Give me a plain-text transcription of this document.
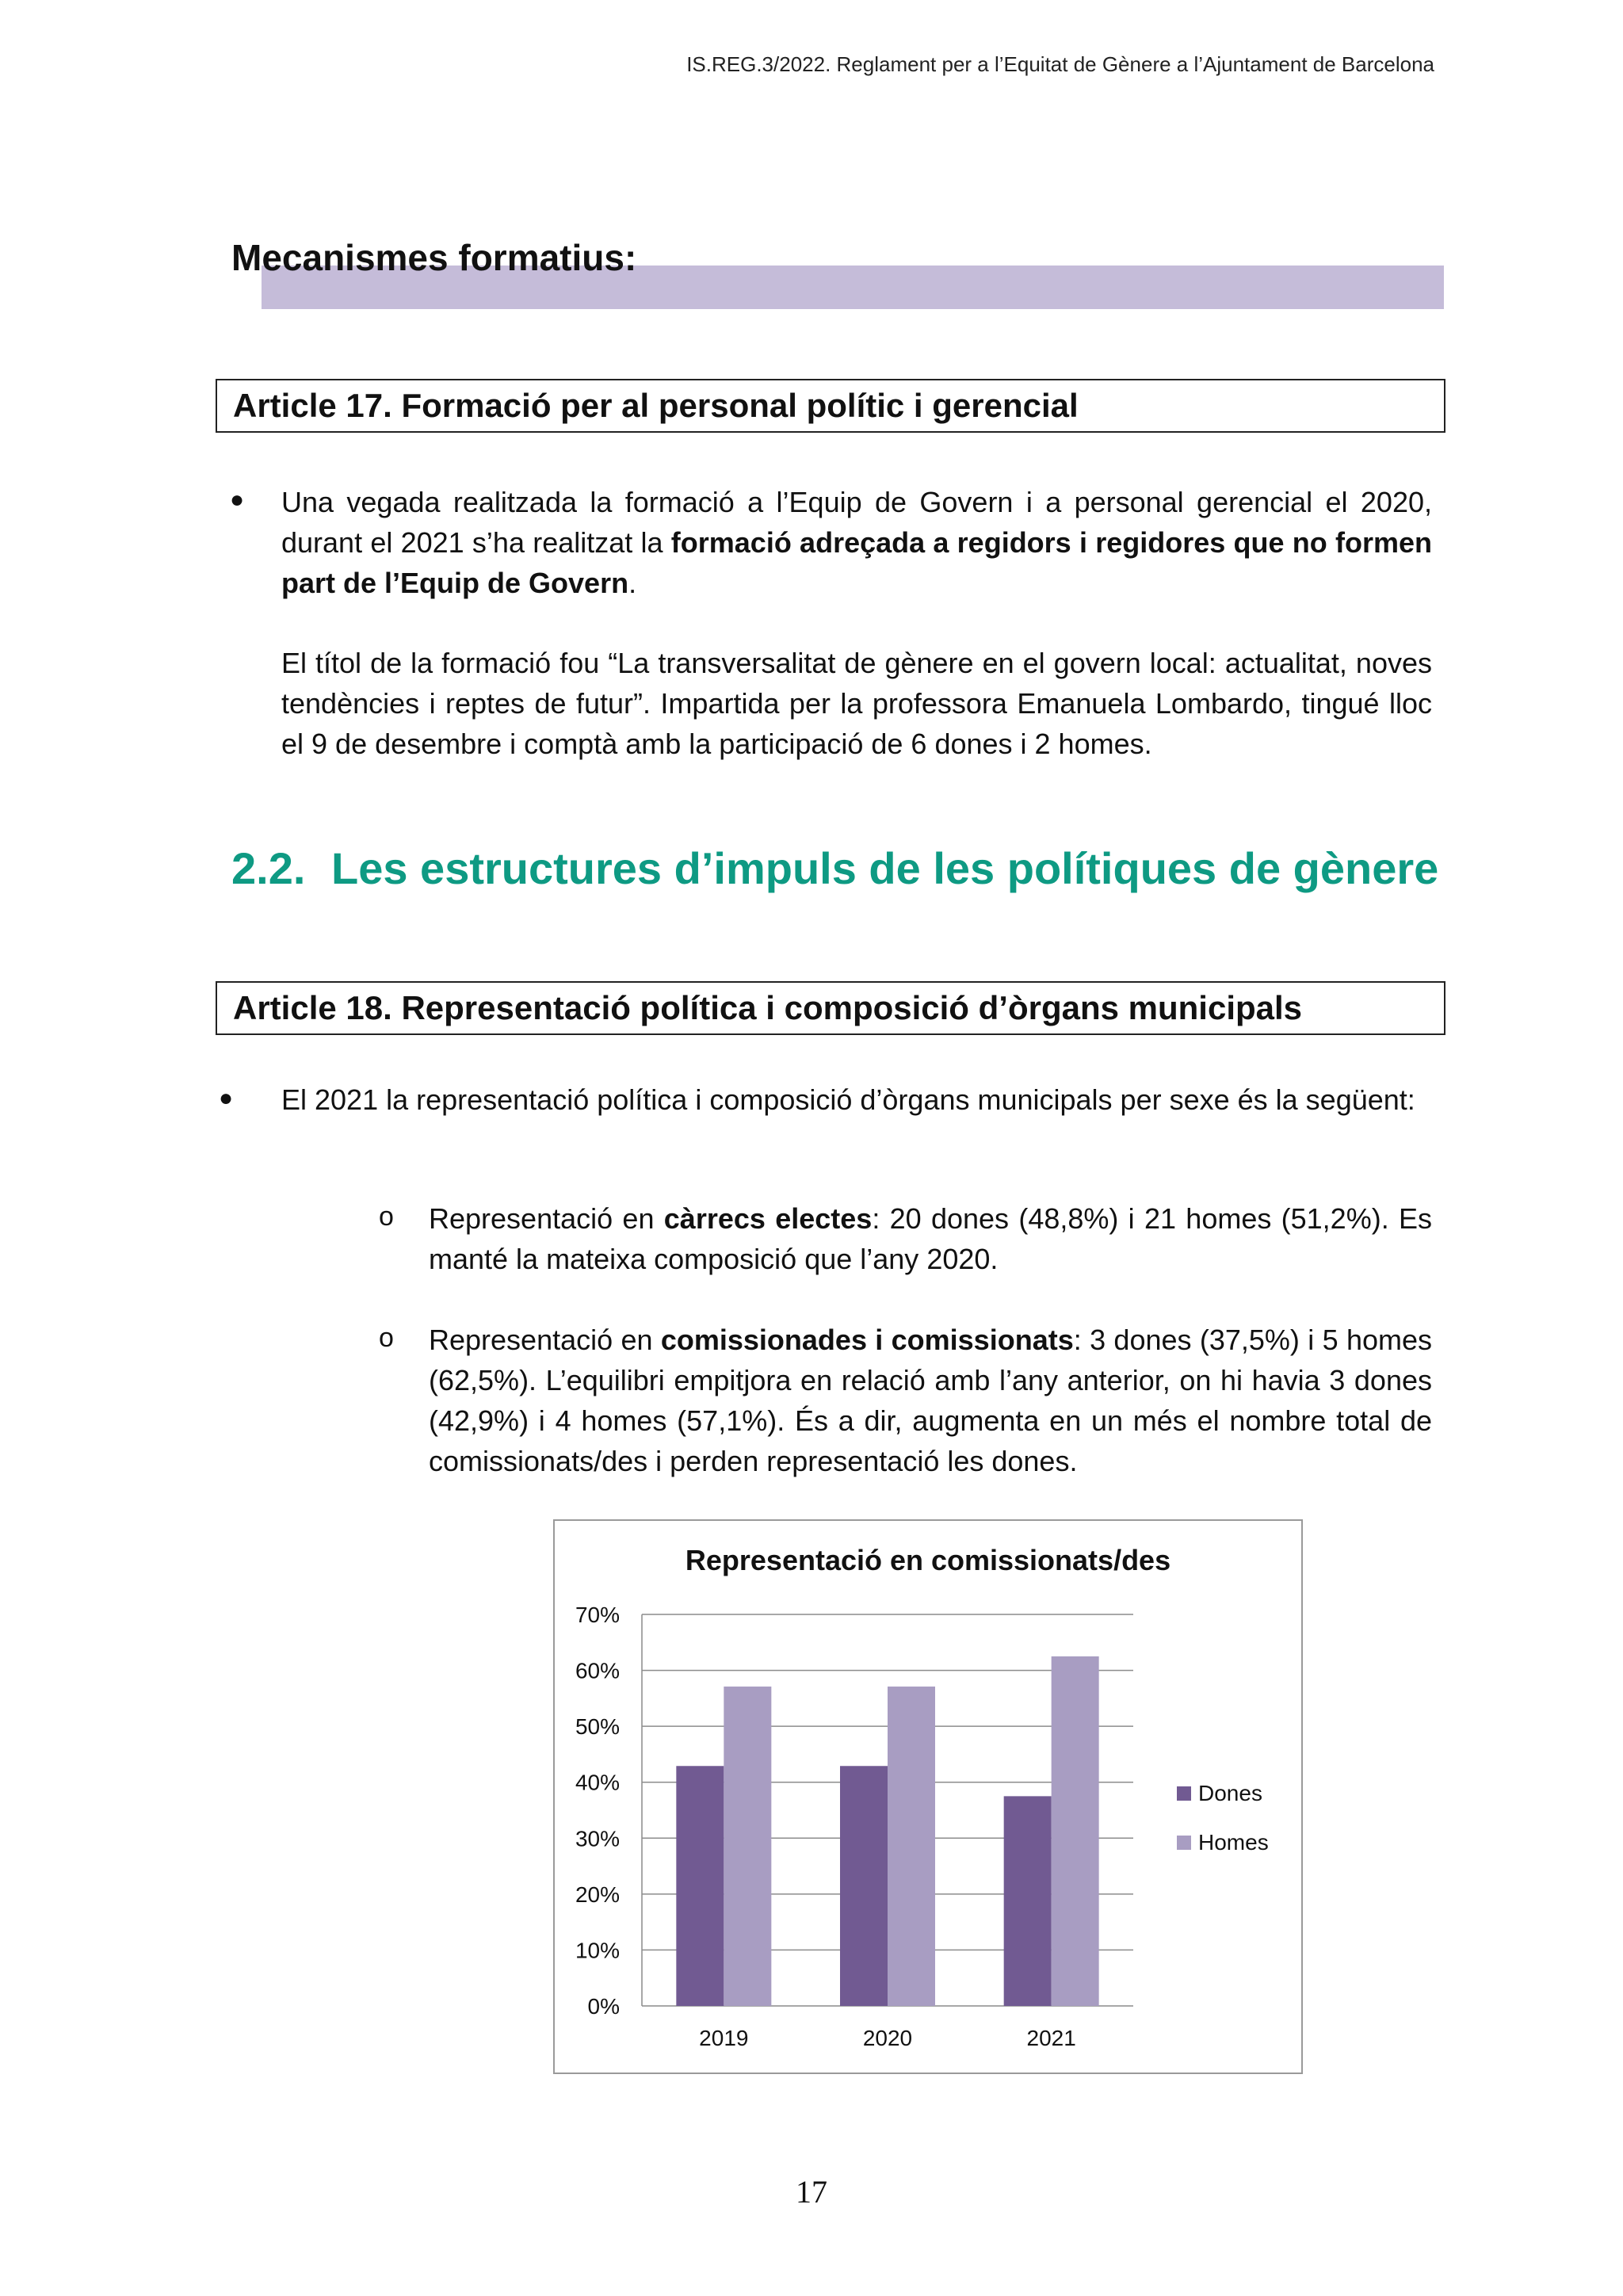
IS.REG.3/2022. Reglament per a l’Equitat de Gènere a l’Ajuntament de Barcelona
Mecanismes formatius:
Article 17. Formació per al personal polític i gerencial
● Una vegada realitzada la formació a l’Equip de Govern i a personal gerencial el 2020, durant el 2021 s’ha realitzat la formació adreçada a regidors i regidores que no formen part de l’Equip de Govern.
El títol de la formació fou “La transversalitat de gènere en el govern local: actualitat, noves tendències i reptes de futur”. Impartida per la professora Emanuela Lombardo, tingué lloc el 9 de desembre i comptà amb la participació de 6 dones i 2 homes.
2.2. Les estructures d’impuls de les polítiques de gènere
Article 18. Representació política i composició d’òrgans municipals
● El 2021 la representació política i composició d’òrgans municipals per sexe és la següent:
o Representació en càrrecs electes: 20 dones (48,8%) i 21 homes (51,2%). Es manté la mateixa composició que l’any 2020.
o Representació en comissionades i comissionats: 3 dones (37,5%) i 5 homes (62,5%). L’equilibri empitjora en relació amb l’any anterior, on hi havia 3 dones (42,9%) i 4 homes (57,1%). És a dir, augmenta en un més el nombre total de comissionats/des i perden representació les dones.
Representació en comissionats/des
0%
10%
20%
30%
40%
50%
60%
70%
2019	2020	2021
Dones
Homes
17
